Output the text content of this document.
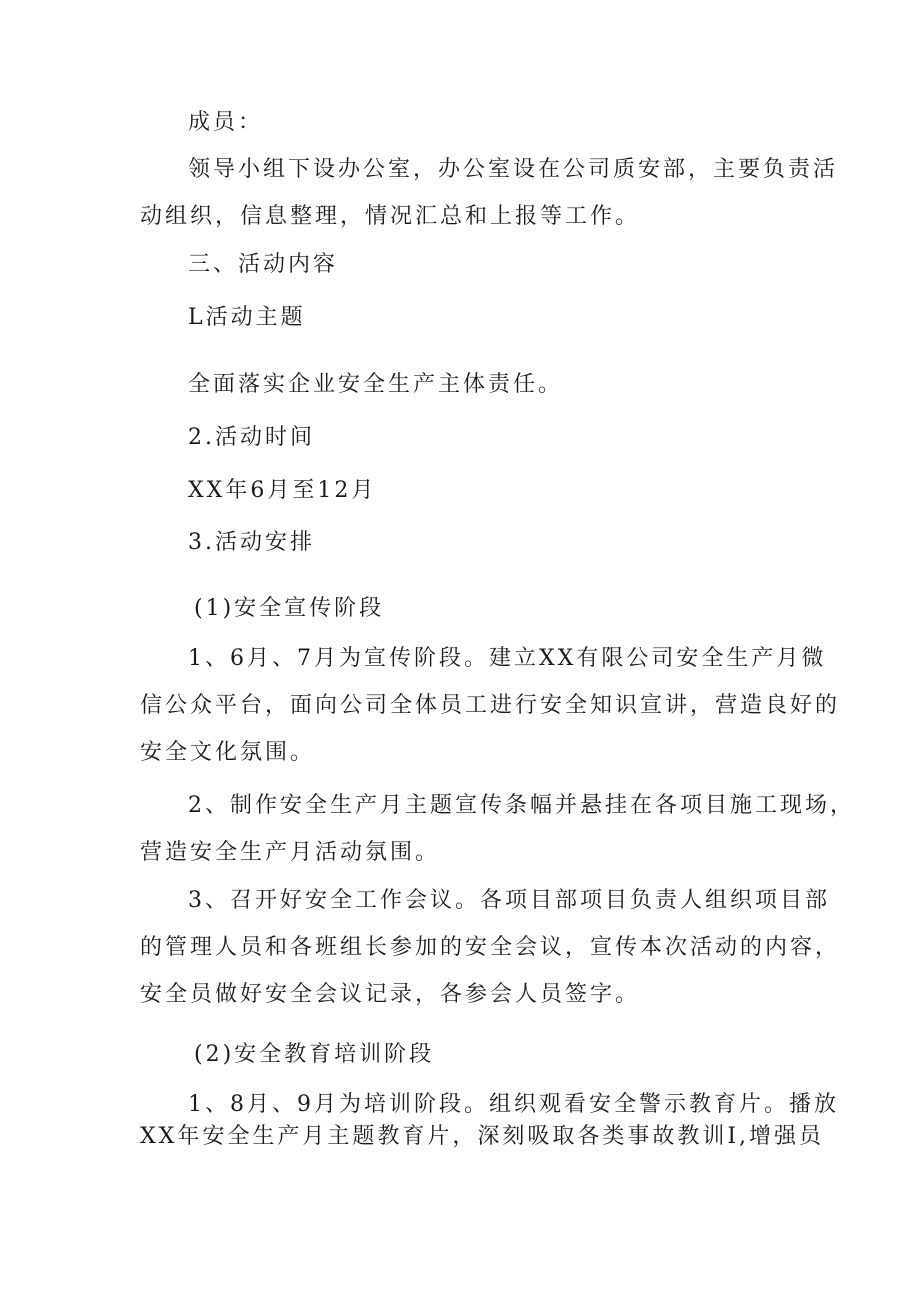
成员：
领导小组下设办公室，办公室设在公司质安部，主要负责活
动组织，信息整理，情况汇总和上报等工作。
三、活动内容
L活动主题
全面落实企业安全生产主体责任。
2.活动时间
XX年6月至12月
3.活动安排
(1)安全宣传阶段
1、6月、7月为宣传阶段。建立XX有限公司安全生产月微
信公众平台，面向公司全体员工进行安全知识宣讲，营造良好的
安全文化氛围。
2、制作安全生产月主题宣传条幅并悬挂在各项目施工现场，
营造安全生产月活动氛围。
3、召开好安全工作会议。各项目部项目负责人组织项目部
的管理人员和各班组长参加的安全会议，宣传本次活动的内容，
安全员做好安全会议记录，各参会人员签字。
(2)安全教育培训阶段
1、8月、9月为培训阶段。组织观看安全警示教育片。播放
XX年安全生产月主题教育片，深刻吸取各类事故教训I,增强员
